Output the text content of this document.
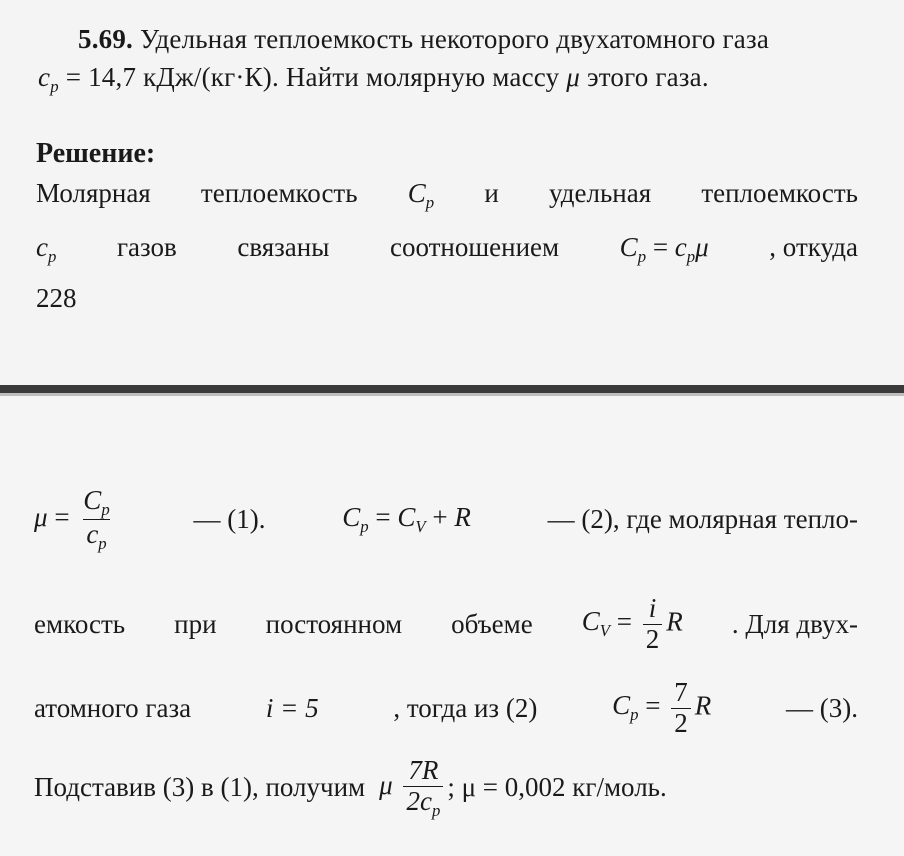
5.69. Удельная теплоемкость некоторого двухатомного газа
$c_p = 14,7$ кДж/(кг·К). Найти молярную массу μ этого газа.
Решение:
Молярная теплоемкость $C_p$ и удельная теплоемкость
$c_p$ газов связаны соотношением $C_p = c_p\mu$ , откуда
228
$\mu = \frac{C_p}{c_p}$	— (1).	$C_p = C_V + R$	— (2), где молярная тепло-
емкость при постоянном объеме $C_V = \frac{i}{2}$ R . Для двух-
атомного газа	i = 5	, тогда из (2)	$C_p = \frac{7}{2}$ R	— (3).
Подставив (3) в (1), получим μ $\frac{7R}{2c_p}$ ; μ = 0,002 кг/моль.
